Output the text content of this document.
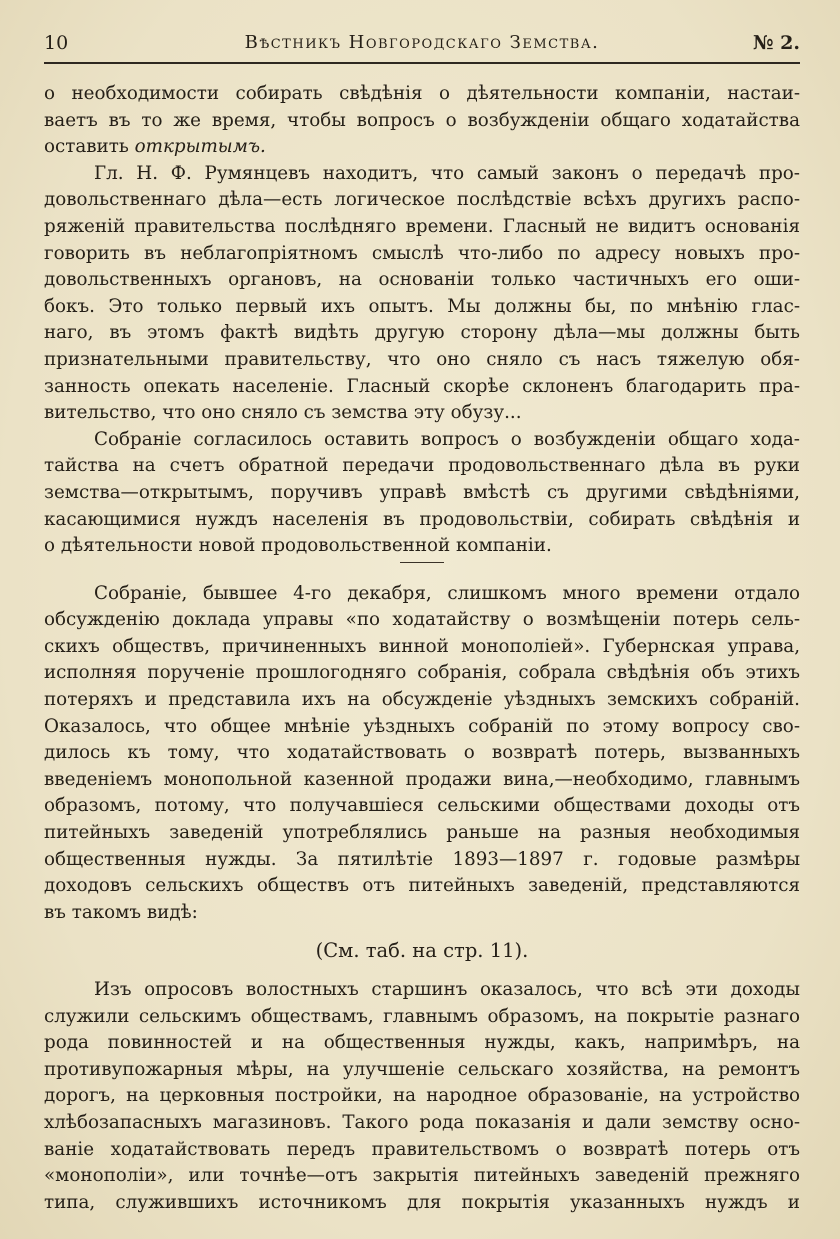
10	Вѣстникъ Новгородскаго Земства.	№ 2.
о необходимости собирать свѣдѣнія о дѣятельности компаніи, настаи-
ваетъ въ то же время, чтобы вопросъ о возбужденіи общаго ходатайства
оставить открытымъ.
Гл. Н. Ф. Румянцевъ находитъ, что самый законъ о передачѣ про-
довольственнаго дѣла—есть логическое послѣдствіе всѣхъ другихъ распо-
ряженій правительства послѣдняго времени. Гласный не видитъ основанія
говорить въ неблагопріятномъ смыслѣ что-либо по адресу новыхъ про-
довольственныхъ органовъ, на основаніи только частичныхъ его оши-
бокъ. Это только первый ихъ опытъ. Мы должны бы, по мнѣнію глас-
наго, въ этомъ фактѣ видѣть другую сторону дѣла—мы должны быть
признательными правительству, что оно сняло съ насъ тяжелую обя-
занность опекать населеніе. Гласный скорѣе склоненъ благодарить пра-
вительство, что оно сняло съ земства эту обузу...
Собраніе согласилось оставить вопросъ о возбужденіи общаго хода-
тайства на счетъ обратной передачи продовольственнаго дѣла въ руки
земства—открытымъ, поручивъ управѣ вмѣстѣ съ другими свѣдѣніями,
касающимися нуждъ населенія въ продовольствіи, собирать свѣдѣнія и
о дѣятельности новой продовольственной компаніи.
Собраніе, бывшее 4-го декабря, слишкомъ много времени отдало
обсужденію доклада управы «по ходатайству о возмѣщеніи потерь сель-
скихъ обществъ, причиненныхъ винной монополіей». Губернская управа,
исполняя порученіе прошлогодняго собранія, собрала свѣдѣнія объ этихъ
потеряхъ и представила ихъ на обсужденіе уѣздныхъ земскихъ собраній.
Оказалось, что общее мнѣніе уѣздныхъ собраній по этому вопросу сво-
дилось къ тому, что ходатайствовать о возвратѣ потерь, вызванныхъ
введеніемъ монопольной казенной продажи вина,—необходимо, главнымъ
образомъ, потому, что получавшіеся сельскими обществами доходы отъ
питейныхъ заведеній употреблялись раньше на разныя необходимыя
общественныя нужды. За пятилѣтіе 1893—1897 г. годовые размѣры
доходовъ сельскихъ обществъ отъ питейныхъ заведеній, представляются
въ такомъ видѣ:
(См. таб. на стр. 11).
Изъ опросовъ волостныхъ старшинъ оказалось, что всѣ эти доходы
служили сельскимъ обществамъ, главнымъ образомъ, на покрытіе разнаго
рода повинностей и на общественныя нужды, какъ, напримѣръ, на
противупожарныя мѣры, на улучшеніе сельскаго хозяйства, на ремонтъ
дорогъ, на церковныя постройки, на народное образованіе, на устройство
хлѣбозапасныхъ магазиновъ. Такого рода показанія и дали земству осно-
ваніе ходатайствовать передъ правительствомъ о возвратѣ потерь отъ
«монополіи», или точнѣе—отъ закрытія питейныхъ заведеній прежняго
типа, служившихъ источникомъ для покрытія указанныхъ нуждъ и
